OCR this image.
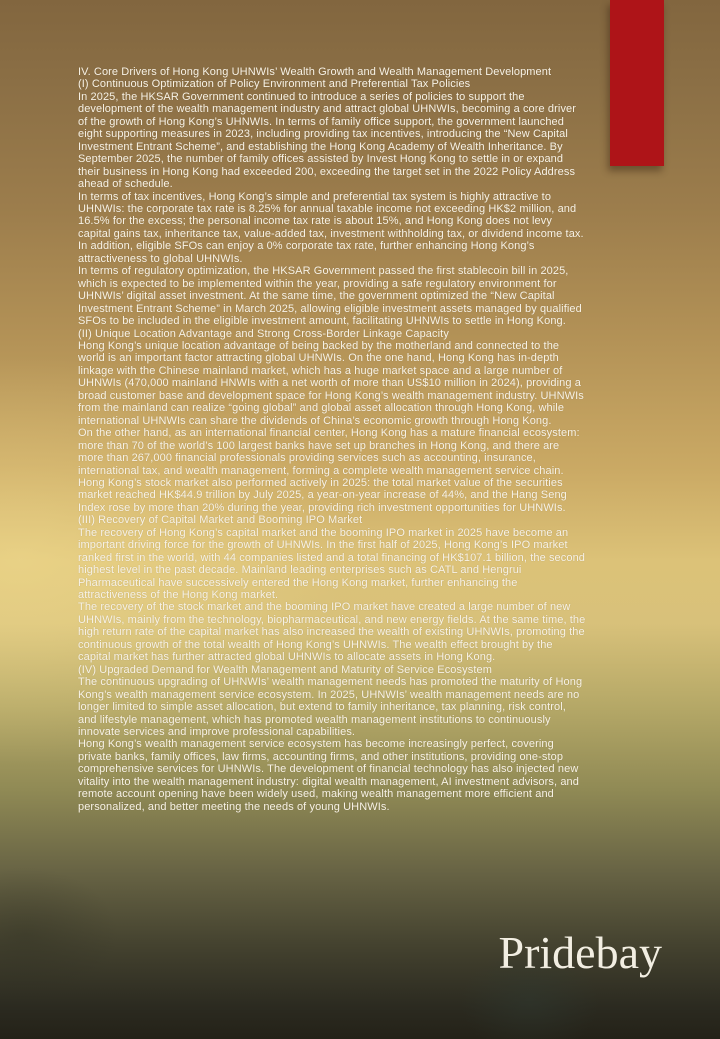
IV. Core Drivers of Hong Kong UHNWIs’ Wealth Growth and Wealth Management Development

(I) Continuous Optimization of Policy Environment and Preferential Tax Policies

In 2025, the HKSAR Government continued to introduce a series of policies to support the development of the wealth management industry and attract global UHNWIs, becoming a core driver of the growth of Hong Kong’s UHNWIs. In terms of family office support, the government launched eight supporting measures in 2023, including providing tax incentives, introducing the “New Capital Investment Entrant Scheme”, and establishing the Hong Kong Academy of Wealth Inheritance. By September 2025, the number of family offices assisted by Invest Hong Kong to settle in or expand their business in Hong Kong had exceeded 200, exceeding the target set in the 2022 Policy Address ahead of schedule.

In terms of tax incentives, Hong Kong’s simple and preferential tax system is highly attractive to UHNWIs: the corporate tax rate is 8.25% for annual taxable income not exceeding HK$2 million, and 16.5% for the excess; the personal income tax rate is about 15%, and Hong Kong does not levy capital gains tax, inheritance tax, value-added tax, investment withholding tax, or dividend income tax. In addition, eligible SFOs can enjoy a 0% corporate tax rate, further enhancing Hong Kong’s attractiveness to global UHNWIs.

In terms of regulatory optimization, the HKSAR Government passed the first stablecoin bill in 2025, which is expected to be implemented within the year, providing a safe regulatory environment for UHNWIs’ digital asset investment. At the same time, the government optimized the “New Capital Investment Entrant Scheme” in March 2025, allowing eligible investment assets managed by qualified SFOs to be included in the eligible investment amount, facilitating UHNWIs to settle in Hong Kong.

(II) Unique Location Advantage and Strong Cross-Border Linkage Capacity

Hong Kong’s unique location advantage of being backed by the motherland and connected to the world is an important factor attracting global UHNWIs. On the one hand, Hong Kong has in-depth linkage with the Chinese mainland market, which has a huge market space and a large number of UHNWIs (470,000 mainland HNWIs with a net worth of more than US$10 million in 2024), providing a broad customer base and development space for Hong Kong’s wealth management industry. UHNWIs from the mainland can realize “going global” and global asset allocation through Hong Kong, while international UHNWIs can share the dividends of China’s economic growth through Hong Kong.

On the other hand, as an international financial center, Hong Kong has a mature financial ecosystem: more than 70 of the world’s 100 largest banks have set up branches in Hong Kong, and there are more than 267,000 financial professionals providing services such as accounting, insurance, international tax, and wealth management, forming a complete wealth management service chain. Hong Kong’s stock market also performed actively in 2025: the total market value of the securities market reached HK$44.9 trillion by July 2025, a year-on-year increase of 44%, and the Hang Seng Index rose by more than 20% during the year, providing rich investment opportunities for UHNWIs.

(III) Recovery of Capital Market and Booming IPO Market

The recovery of Hong Kong’s capital market and the booming IPO market in 2025 have become an important driving force for the growth of UHNWIs. In the first half of 2025, Hong Kong’s IPO market ranked first in the world, with 44 companies listed and a total financing of HK$107.1 billion, the second highest level in the past decade. Mainland leading enterprises such as CATL and Hengrui Pharmaceutical have successively entered the Hong Kong market, further enhancing the attractiveness of the Hong Kong market.

The recovery of the stock market and the booming IPO market have created a large number of new UHNWIs, mainly from the technology, biopharmaceutical, and new energy fields. At the same time, the high return rate of the capital market has also increased the wealth of existing UHNWIs, promoting the continuous growth of the total wealth of Hong Kong’s UHNWIs. The wealth effect brought by the capital market has further attracted global UHNWIs to allocate assets in Hong Kong.

(IV) Upgraded Demand for Wealth Management and Maturity of Service Ecosystem

The continuous upgrading of UHNWIs’ wealth management needs has promoted the maturity of Hong Kong’s wealth management service ecosystem. In 2025, UHNWIs’ wealth management needs are no longer limited to simple asset allocation, but extend to family inheritance, tax planning, risk control, and lifestyle management, which has promoted wealth management institutions to continuously innovate services and improve professional capabilities.

Hong Kong’s wealth management service ecosystem has become increasingly perfect, covering private banks, family offices, law firms, accounting firms, and other institutions, providing one-stop comprehensive services for UHNWIs. The development of financial technology has also injected new vitality into the wealth management industry: digital wealth management, AI investment advisors, and remote account opening have been widely used, making wealth management more efficient and personalized, and better meeting the needs of young UHNWIs.

Pridebay
